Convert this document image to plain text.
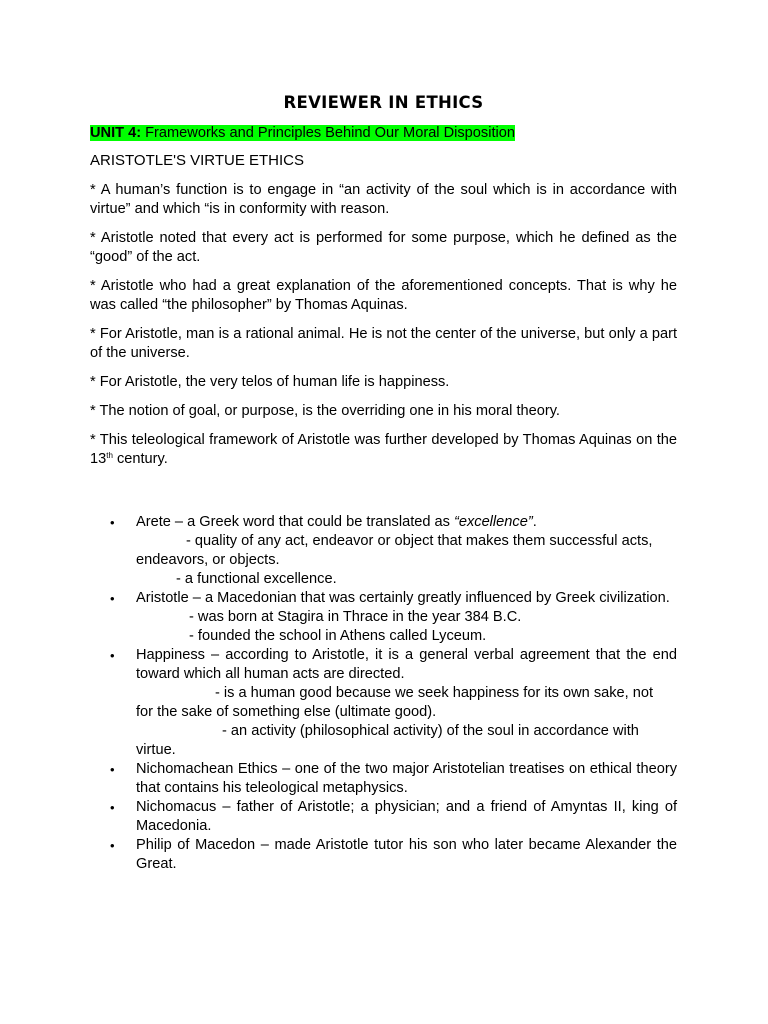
REVIEWER IN ETHICS
UNIT 4: Frameworks and Principles Behind Our Moral Disposition
ARISTOTLE'S VIRTUE ETHICS

* A human’s function is to engage in “an activity of the soul which is in accordance with virtue” and which “is in conformity with reason.

* Aristotle noted that every act is performed for some purpose, which he defined as the “good” of the act.

* Aristotle who had a great explanation of the aforementioned concepts. That is why he was called “the philosopher” by Thomas Aquinas.

* For Aristotle, man is a rational animal. He is not the center of the universe, but only a part of the universe.

* For Aristotle, the very telos of human life is happiness.

* The notion of goal, or purpose, is the overriding one in his moral theory.

* This teleological framework of Aristotle was further developed by Thomas Aquinas on the 13th century.

• Arete – a Greek word that could be translated as “excellence”.
- quality of any act, endeavor or object that makes them successful acts,
endeavors, or objects.
- a functional excellence.
• Aristotle – a Macedonian that was certainly greatly influenced by Greek civilization.
- was born at Stagira in Thrace in the year 384 B.C.
- founded the school in Athens called Lyceum.
• Happiness – according to Aristotle, it is a general verbal agreement that the end toward which all human acts are directed.
- is a human good because we seek happiness for its own sake, not
for the sake of something else (ultimate good).
- an activity (philosophical activity) of the soul in accordance with
virtue.
• Nichomachean Ethics – one of the two major Aristotelian treatises on ethical theory that contains his teleological metaphysics.
• Nichomacus – father of Aristotle; a physician; and a friend of Amyntas II, king of Macedonia.
• Philip of Macedon – made Aristotle tutor his son who later became Alexander the Great.
